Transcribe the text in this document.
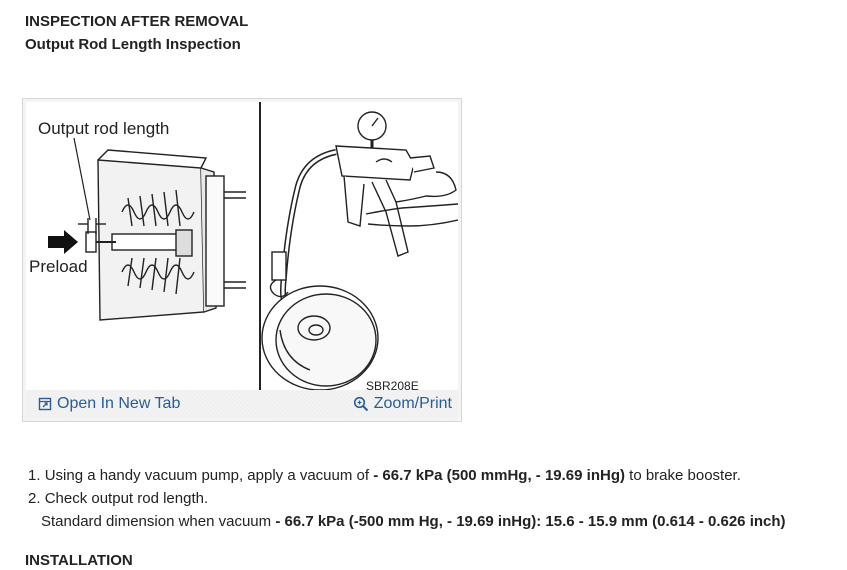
INSPECTION AFTER REMOVAL
Output Rod Length Inspection
Output rod length
Preload
SBR208E
Open In New Tab	Zoom/Print
1. Using a handy vacuum pump, apply a vacuum of - 66.7 kPa (500 mmHg, - 19.69 inHg) to brake booster.
2. Check output rod length.
Standard dimension when vacuum - 66.7 kPa (-500 mm Hg, - 19.69 inHg): 15.6 - 15.9 mm (0.614 - 0.626 inch)
INSTALLATION
